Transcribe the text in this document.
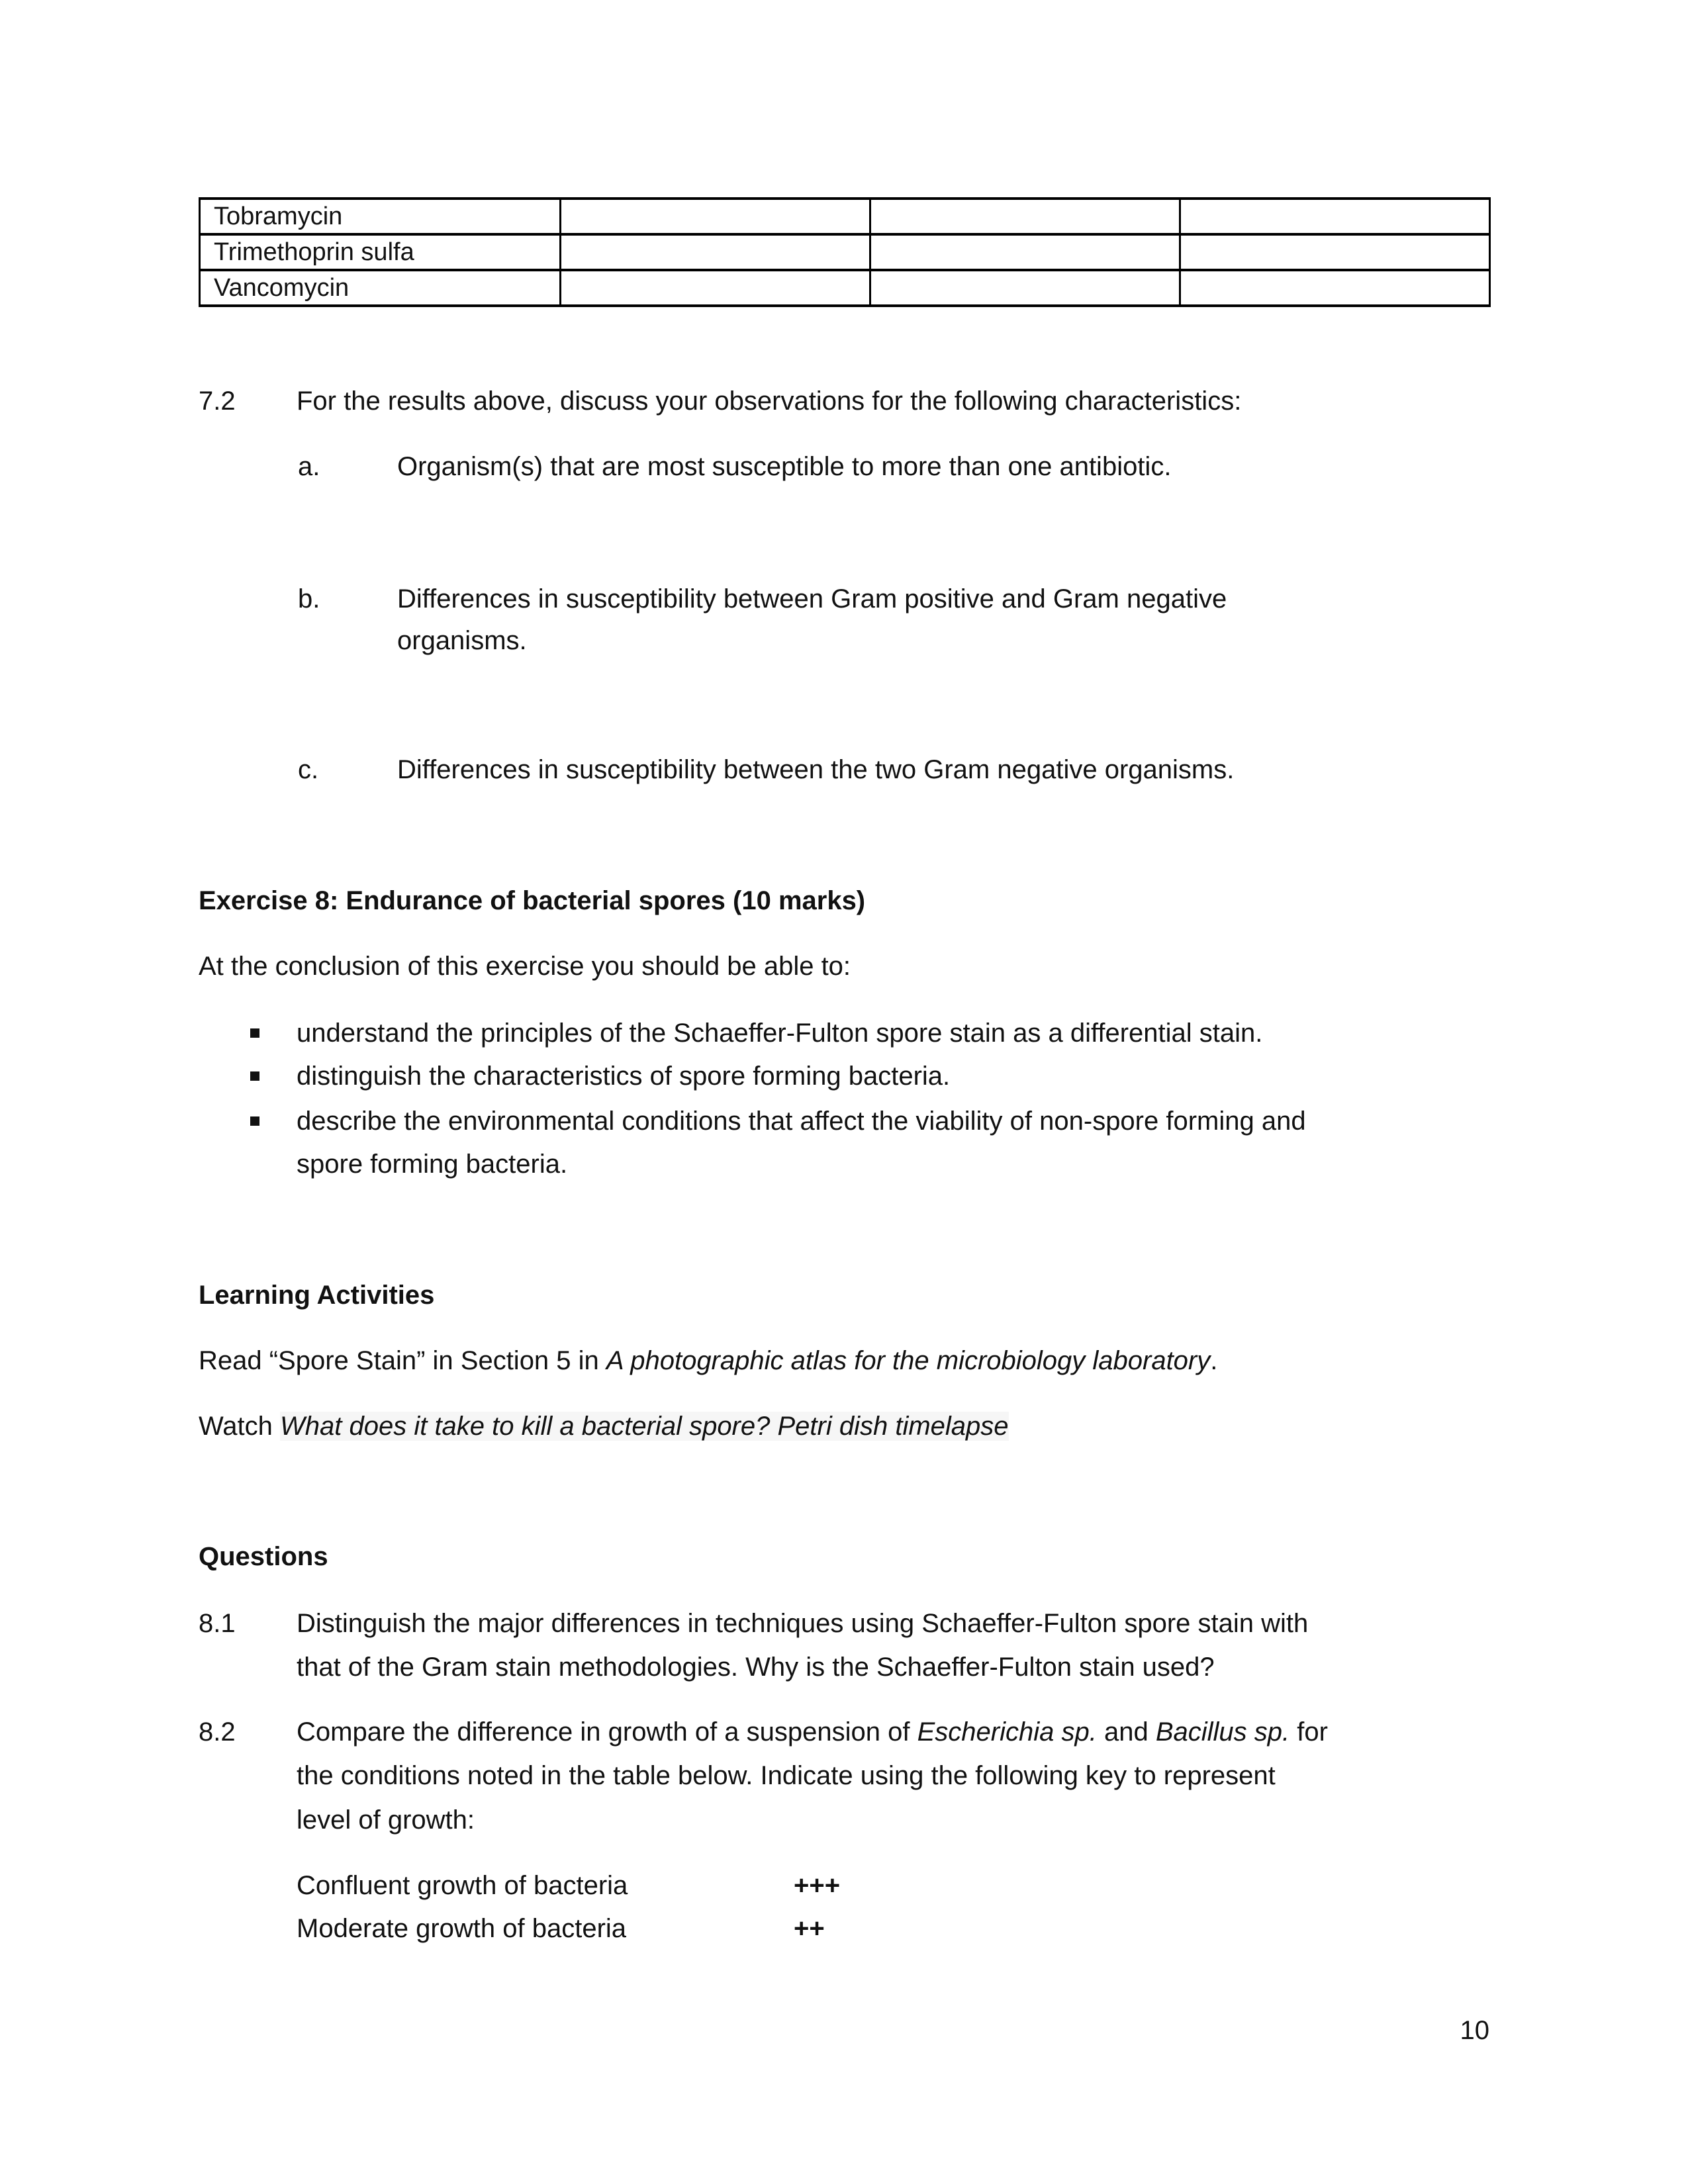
Tobramycin			
Trimethoprin sulfa			
Vancomycin			
7.2 For the results above, discuss your observations for the following characteristics:
a.	Organism(s) that are most susceptible to more than one antibiotic.
b.	Differences in susceptibility between Gram positive and Gram negative
organisms.
c.	Differences in susceptibility between the two Gram negative organisms.
Exercise 8: Endurance of bacterial spores (10 marks)
At the conclusion of this exercise you should be able to:
understand the principles of the Schaeffer-Fulton spore stain as a differential stain.
distinguish the characteristics of spore forming bacteria.
describe the environmental conditions that affect the viability of non-spore forming and
spore forming bacteria.
Learning Activities
Read “Spore Stain” in Section 5 in A photographic atlas for the microbiology laboratory.
Watch What does it take to kill a bacterial spore? Petri dish timelapse
Questions
8.1 Distinguish the major differences in techniques using Schaeffer-Fulton spore stain with
that of the Gram stain methodologies. Why is the Schaeffer-Fulton stain used?
8.2 Compare the difference in growth of a suspension of Escherichia sp. and Bacillus sp. for
the conditions noted in the table below. Indicate using the following key to represent
level of growth:
Confluent growth of bacteria	+++
Moderate growth of bacteria	++
10
